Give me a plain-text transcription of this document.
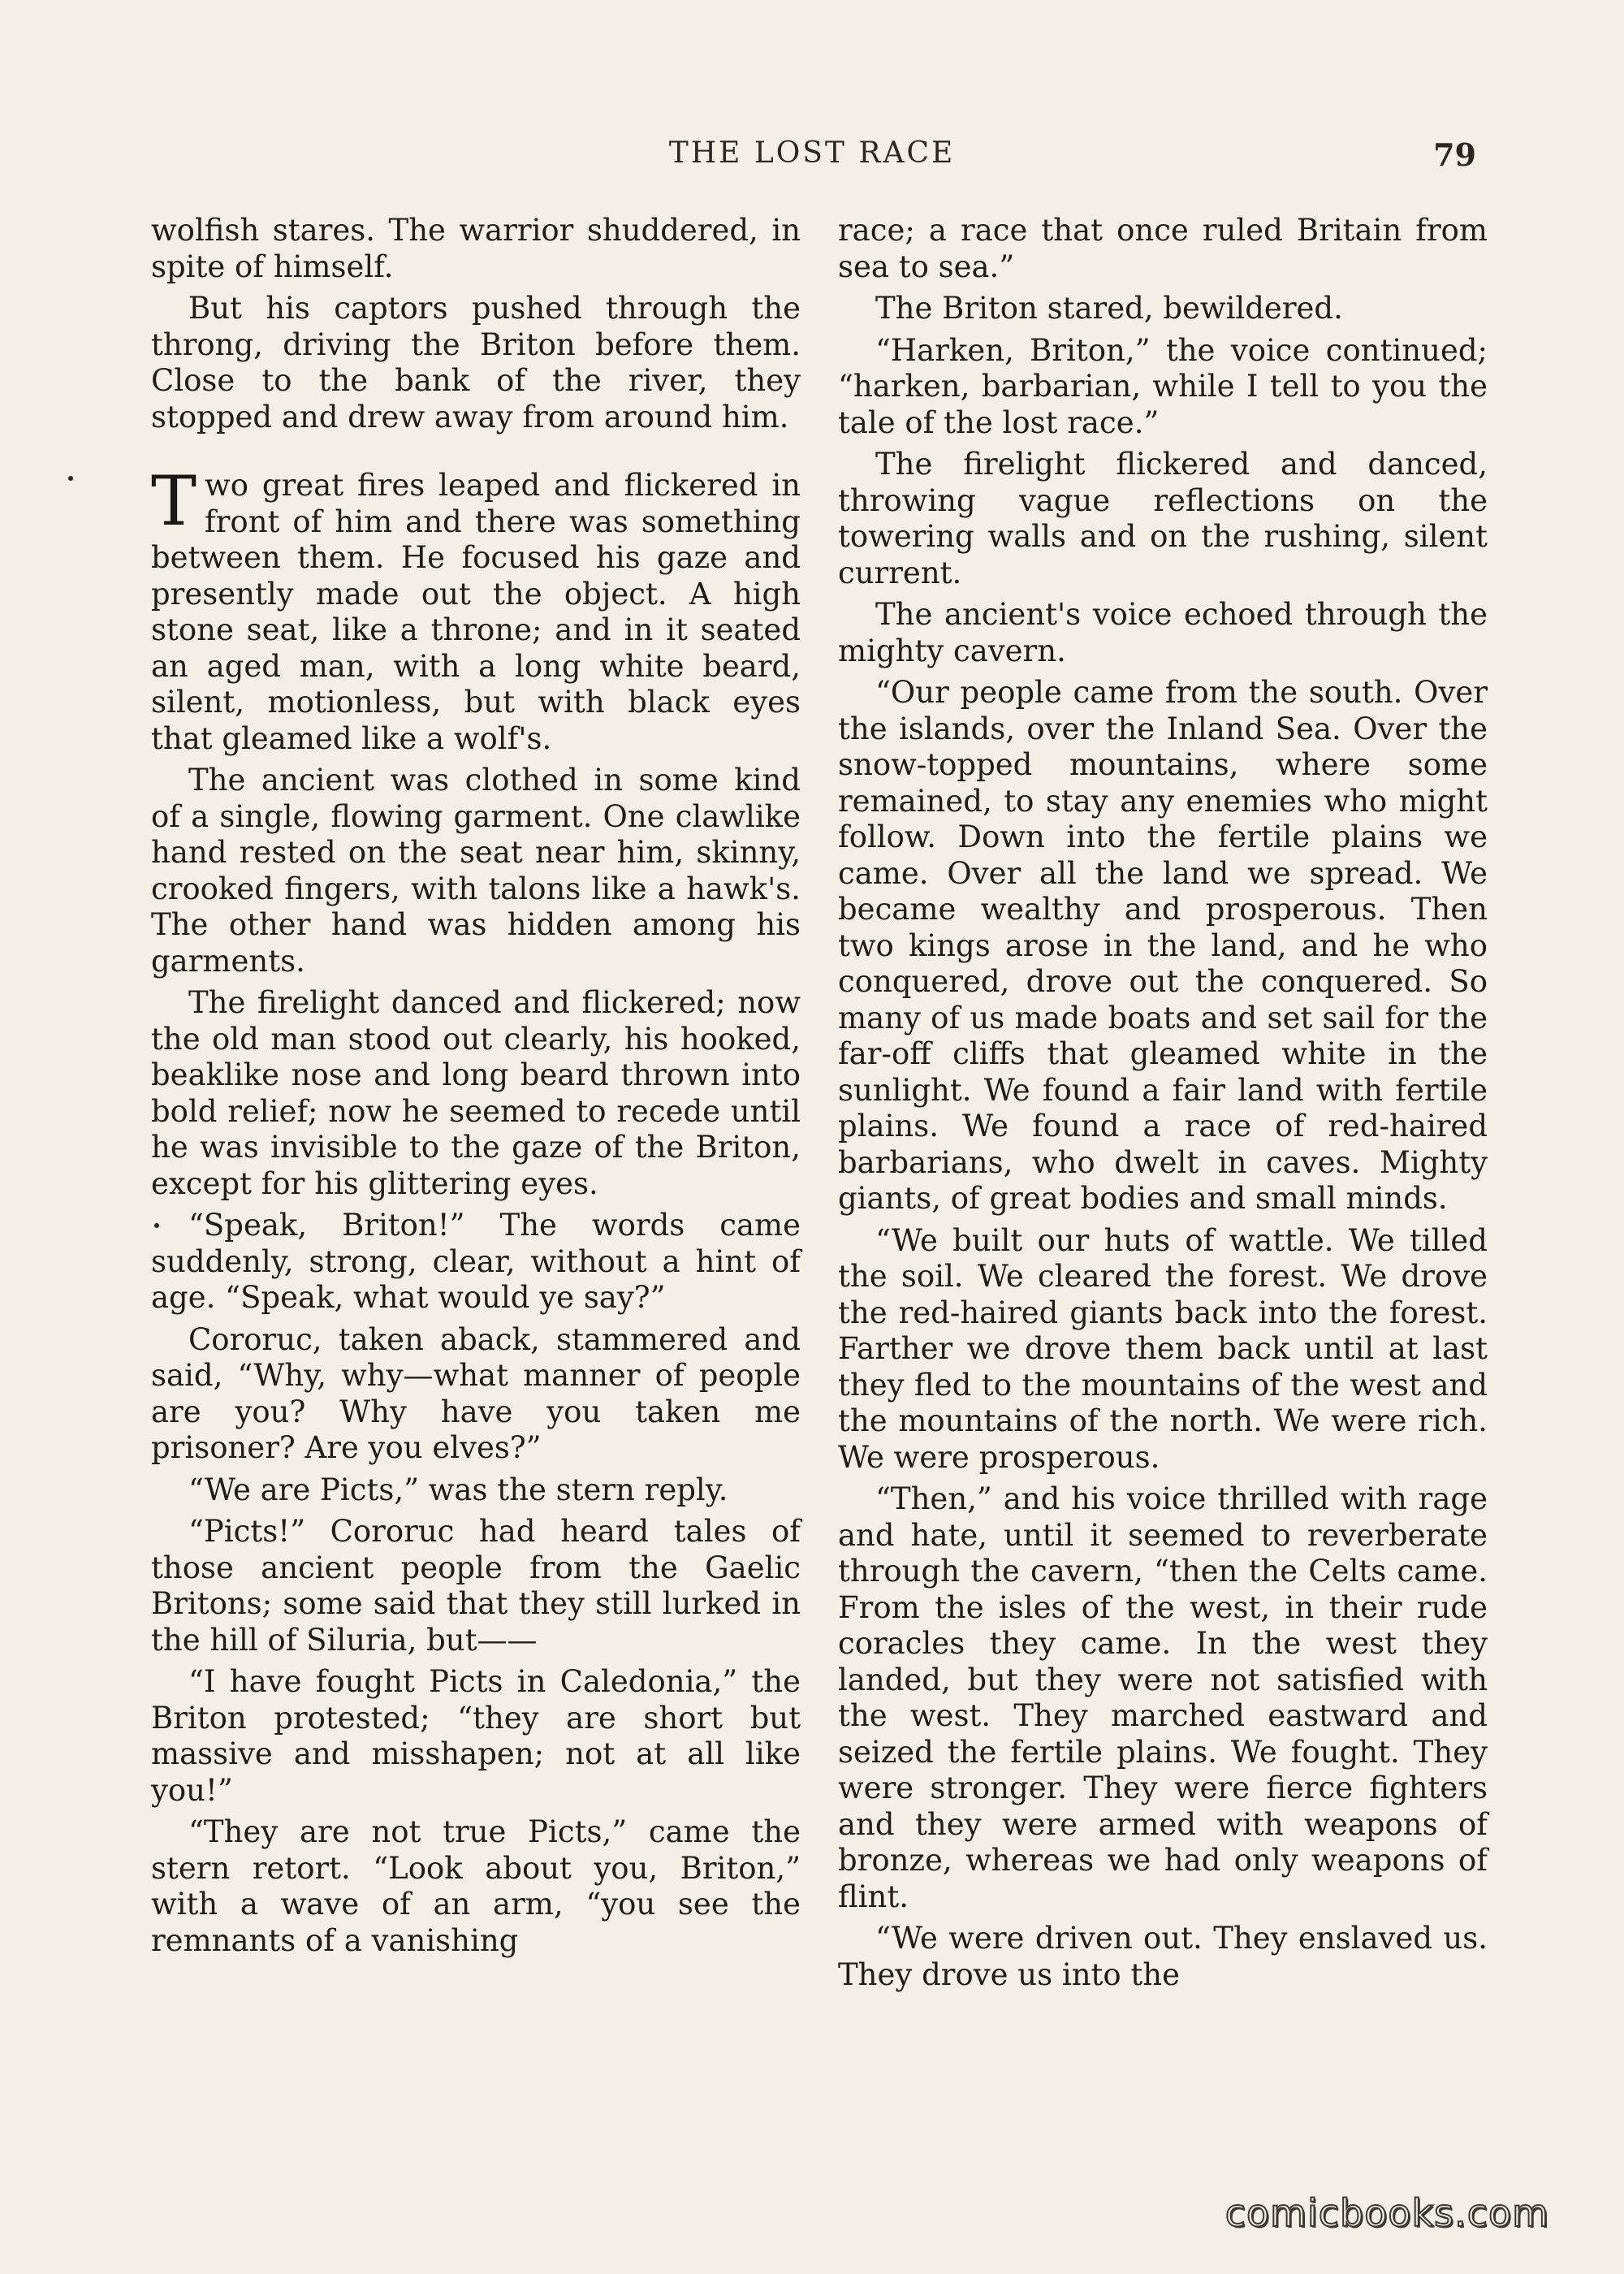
THE LOST RACE	79

wolfish stares. The warrior shuddered, in spite of himself.

But his captors pushed through the throng, driving the Briton before them. Close to the bank of the river, they stopped and drew away from around him.

Two great fires leaped and flickered in front of him and there was something between them. He focused his gaze and presently made out the object. A high stone seat, like a throne; and in it seated an aged man, with a long white beard, silent, motionless, but with black eyes that gleamed like a wolf's.

The ancient was clothed in some kind of a single, flowing garment. One clawlike hand rested on the seat near him, skinny, crooked fingers, with talons like a hawk's. The other hand was hidden among his garments.

The firelight danced and flickered; now the old man stood out clearly, his hooked, beaklike nose and long beard thrown into bold relief; now he seemed to recede until he was invisible to the gaze of the Briton, except for his glittering eyes.

“Speak, Briton!” The words came suddenly, strong, clear, without a hint of age. “Speak, what would ye say?”

Cororuc, taken aback, stammered and said, “Why, why—what manner of people are you? Why have you taken me prisoner? Are you elves?”

“We are Picts,” was the stern reply.

“Picts!” Cororuc had heard tales of those ancient people from the Gaelic Britons; some said that they still lurked in the hill of Siluria, but——

“I have fought Picts in Caledonia,” the Briton protested; “they are short but massive and misshapen; not at all like you!”

“They are not true Picts,” came the stern retort. “Look about you, Briton,” with a wave of an arm, “you see the remnants of a vanishing

race; a race that once ruled Britain from sea to sea.”

The Briton stared, bewildered.

“Harken, Briton,” the voice continued; “harken, barbarian, while I tell to you the tale of the lost race.”

The firelight flickered and danced, throwing vague reflections on the towering walls and on the rushing, silent current.

The ancient's voice echoed through the mighty cavern.

“Our people came from the south. Over the islands, over the Inland Sea. Over the snow-topped mountains, where some remained, to stay any enemies who might follow. Down into the fertile plains we came. Over all the land we spread. We became wealthy and prosperous. Then two kings arose in the land, and he who conquered, drove out the conquered. So many of us made boats and set sail for the far-off cliffs that gleamed white in the sunlight. We found a fair land with fertile plains. We found a race of red-haired barbarians, who dwelt in caves. Mighty giants, of great bodies and small minds.

“We built our huts of wattle. We tilled the soil. We cleared the forest. We drove the red-haired giants back into the forest. Farther we drove them back until at last they fled to the mountains of the west and the mountains of the north. We were rich. We were prosperous.

“Then,” and his voice thrilled with rage and hate, until it seemed to reverberate through the cavern, “then the Celts came. From the isles of the west, in their rude coracles they came. In the west they landed, but they were not satisfied with the west. They marched eastward and seized the fertile plains. We fought. They were stronger. They were fierce fighters and they were armed with weapons of bronze, whereas we had only weapons of flint.

“We were driven out. They enslaved us. They drove us into the

comicbooks.com
